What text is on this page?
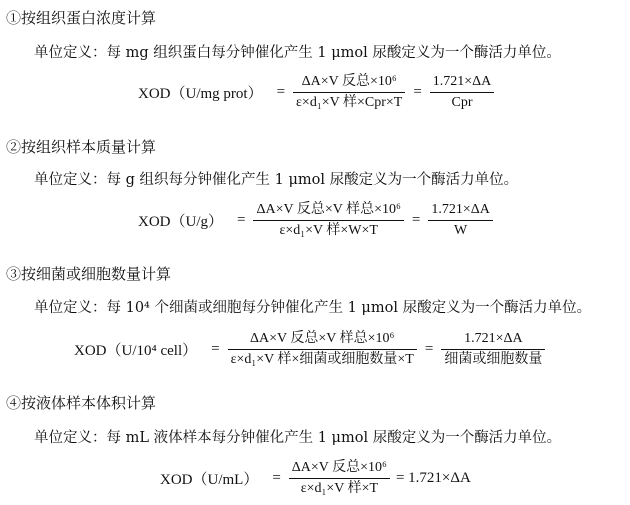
①按组织蛋白浓度计算
单位定义：每 mg 组织蛋白每分钟催化产生 1 μmol 尿酸定义为一个酶活力单位。
XOD（U/mg prot） = $\frac{\text{ΔA×V 反总×10⁶}}{\text{ε×d₁×V 样×Cpr×T}} = \frac{1.721\times\Delta A}{\text{Cpr}}$
②按组织样本质量计算
单位定义：每 g 组织每分钟催化产生 1 μmol 尿酸定义为一个酶活力单位。
$XOD(U/g) = \frac{\text{ΔA×V 反总×V 样总×10⁶}}{\text{ε×d₁×V 样×W×T}} = \frac{1.721\times\Delta A}{W}$
③按细菌或细胞数量计算
单位定义：每 10⁴ 个细菌或细胞每分钟催化产生 1 μmol 尿酸定义为一个酶活力单位。
XOD（U/10⁴ cell） = $\frac{\text{ΔA×V 反总×V 样总×10⁶}}{\text{ε×d₁×V 样×细菌或细胞数量×T}} = \frac{1.721\times\Delta A}{\text{细菌或细胞数量}}$
④按液体样本体积计算
单位定义：每 mL 液体样本每分钟催化产生 1 μmol 尿酸定义为一个酶活力单位。
$XOD(U/mL) = \frac{\text{ΔA×V 反总×10⁶}}{\text{ε×d₁×V 样×T}} = 1.721\times\Delta A$
